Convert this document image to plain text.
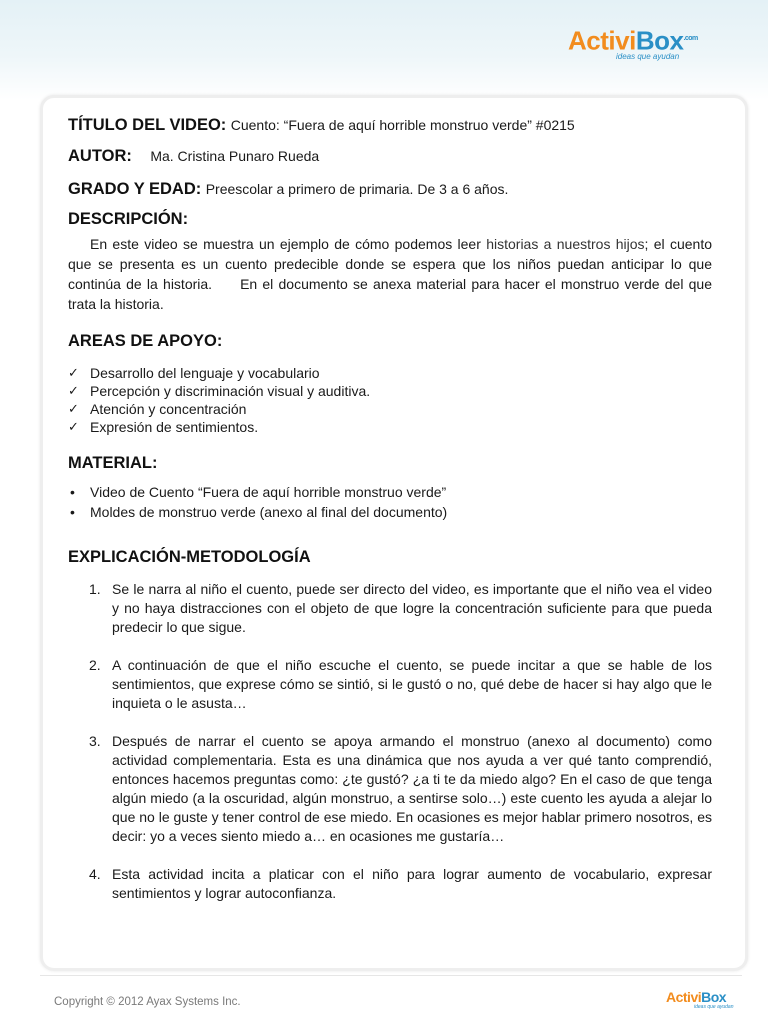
ActiviBox$^{.com}$
ideas que ayudan
TÍTULO DEL VIDEO: Cuento: “Fuera de aquí horrible monstruo verde” #0215
AUTOR: Ma. Cristina Punaro Rueda
GRADO Y EDAD: Preescolar a primero de primaria. De 3 a 6 años.
DESCRIPCIÓN:

En este video se muestra un ejemplo de cómo podemos leer historias a nuestros hijos; el cuento que se presenta es un cuento predecible donde se espera que los niños puedan anticipar lo que continúa de la historia. En el documento se anexa material para hacer el monstruo verde del que trata la historia.

AREAS DE APOYO:
✓ Desarrollo del lenguaje y vocabulario
✓ Percepción y discriminación visual y auditiva.
✓ Atención y concentración
✓ Expresión de sentimientos.
MATERIAL:
• Video de Cuento “Fuera de aquí horrible monstruo verde”
• Moldes de monstruo verde (anexo al final del documento)
EXPLICACIÓN-METODOLOGÍA
1. Se le narra al niño el cuento, puede ser directo del video, es importante que el niño vea el video y no haya distracciones con el objeto de que logre la concentración suficiente para que pueda predecir lo que sigue.
2. A continuación de que el niño escuche el cuento, se puede incitar a que se hable de los sentimientos, que exprese cómo se sintió, si le gustó o no, qué debe de hacer si hay algo que le inquieta o le asusta…
3. Después de narrar el cuento se apoya armando el monstruo (anexo al documento) como actividad complementaria. Esta es una dinámica que nos ayuda a ver qué tanto comprendió, entonces hacemos preguntas como: ¿te gustó? ¿a ti te da miedo algo? En el caso de que tenga algún miedo (a la oscuridad, algún monstruo, a sentirse solo…) este cuento les ayuda a alejar lo que no le guste y tener control de ese miedo. En ocasiones es mejor hablar primero nosotros, es decir: yo a veces siento miedo a… en ocasiones me gustaría…
4. Esta actividad incita a platicar con el niño para lograr aumento de vocabulario, expresar sentimientos y lograr autoconfianza.
Copyright © 2012 Ayax Systems Inc.	ActiviBox
ideas que ayudan
